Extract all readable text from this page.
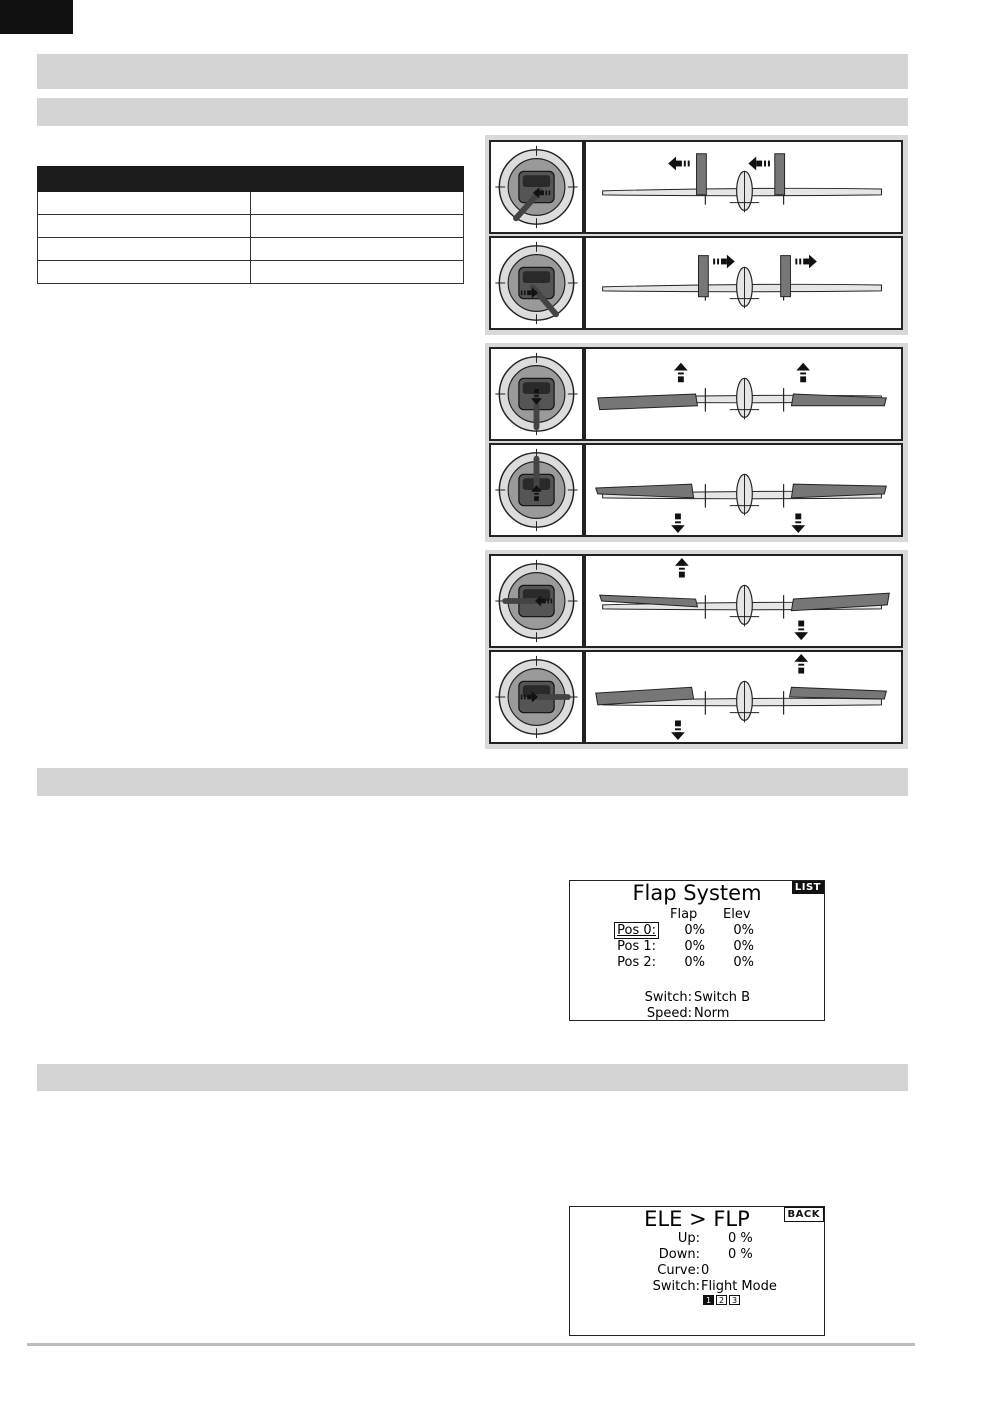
Flap System	LIST
Flap Elev
Pos 0:	0%	0%
Pos 1:	0%	0%
Pos 2:	0%	0%
Switch: Switch B
Speed: Norm
ELE > FLP	BACK
Up: 0 %
Down: 0 %
Curve: 0
Switch: Flight Mode
1 2 3
